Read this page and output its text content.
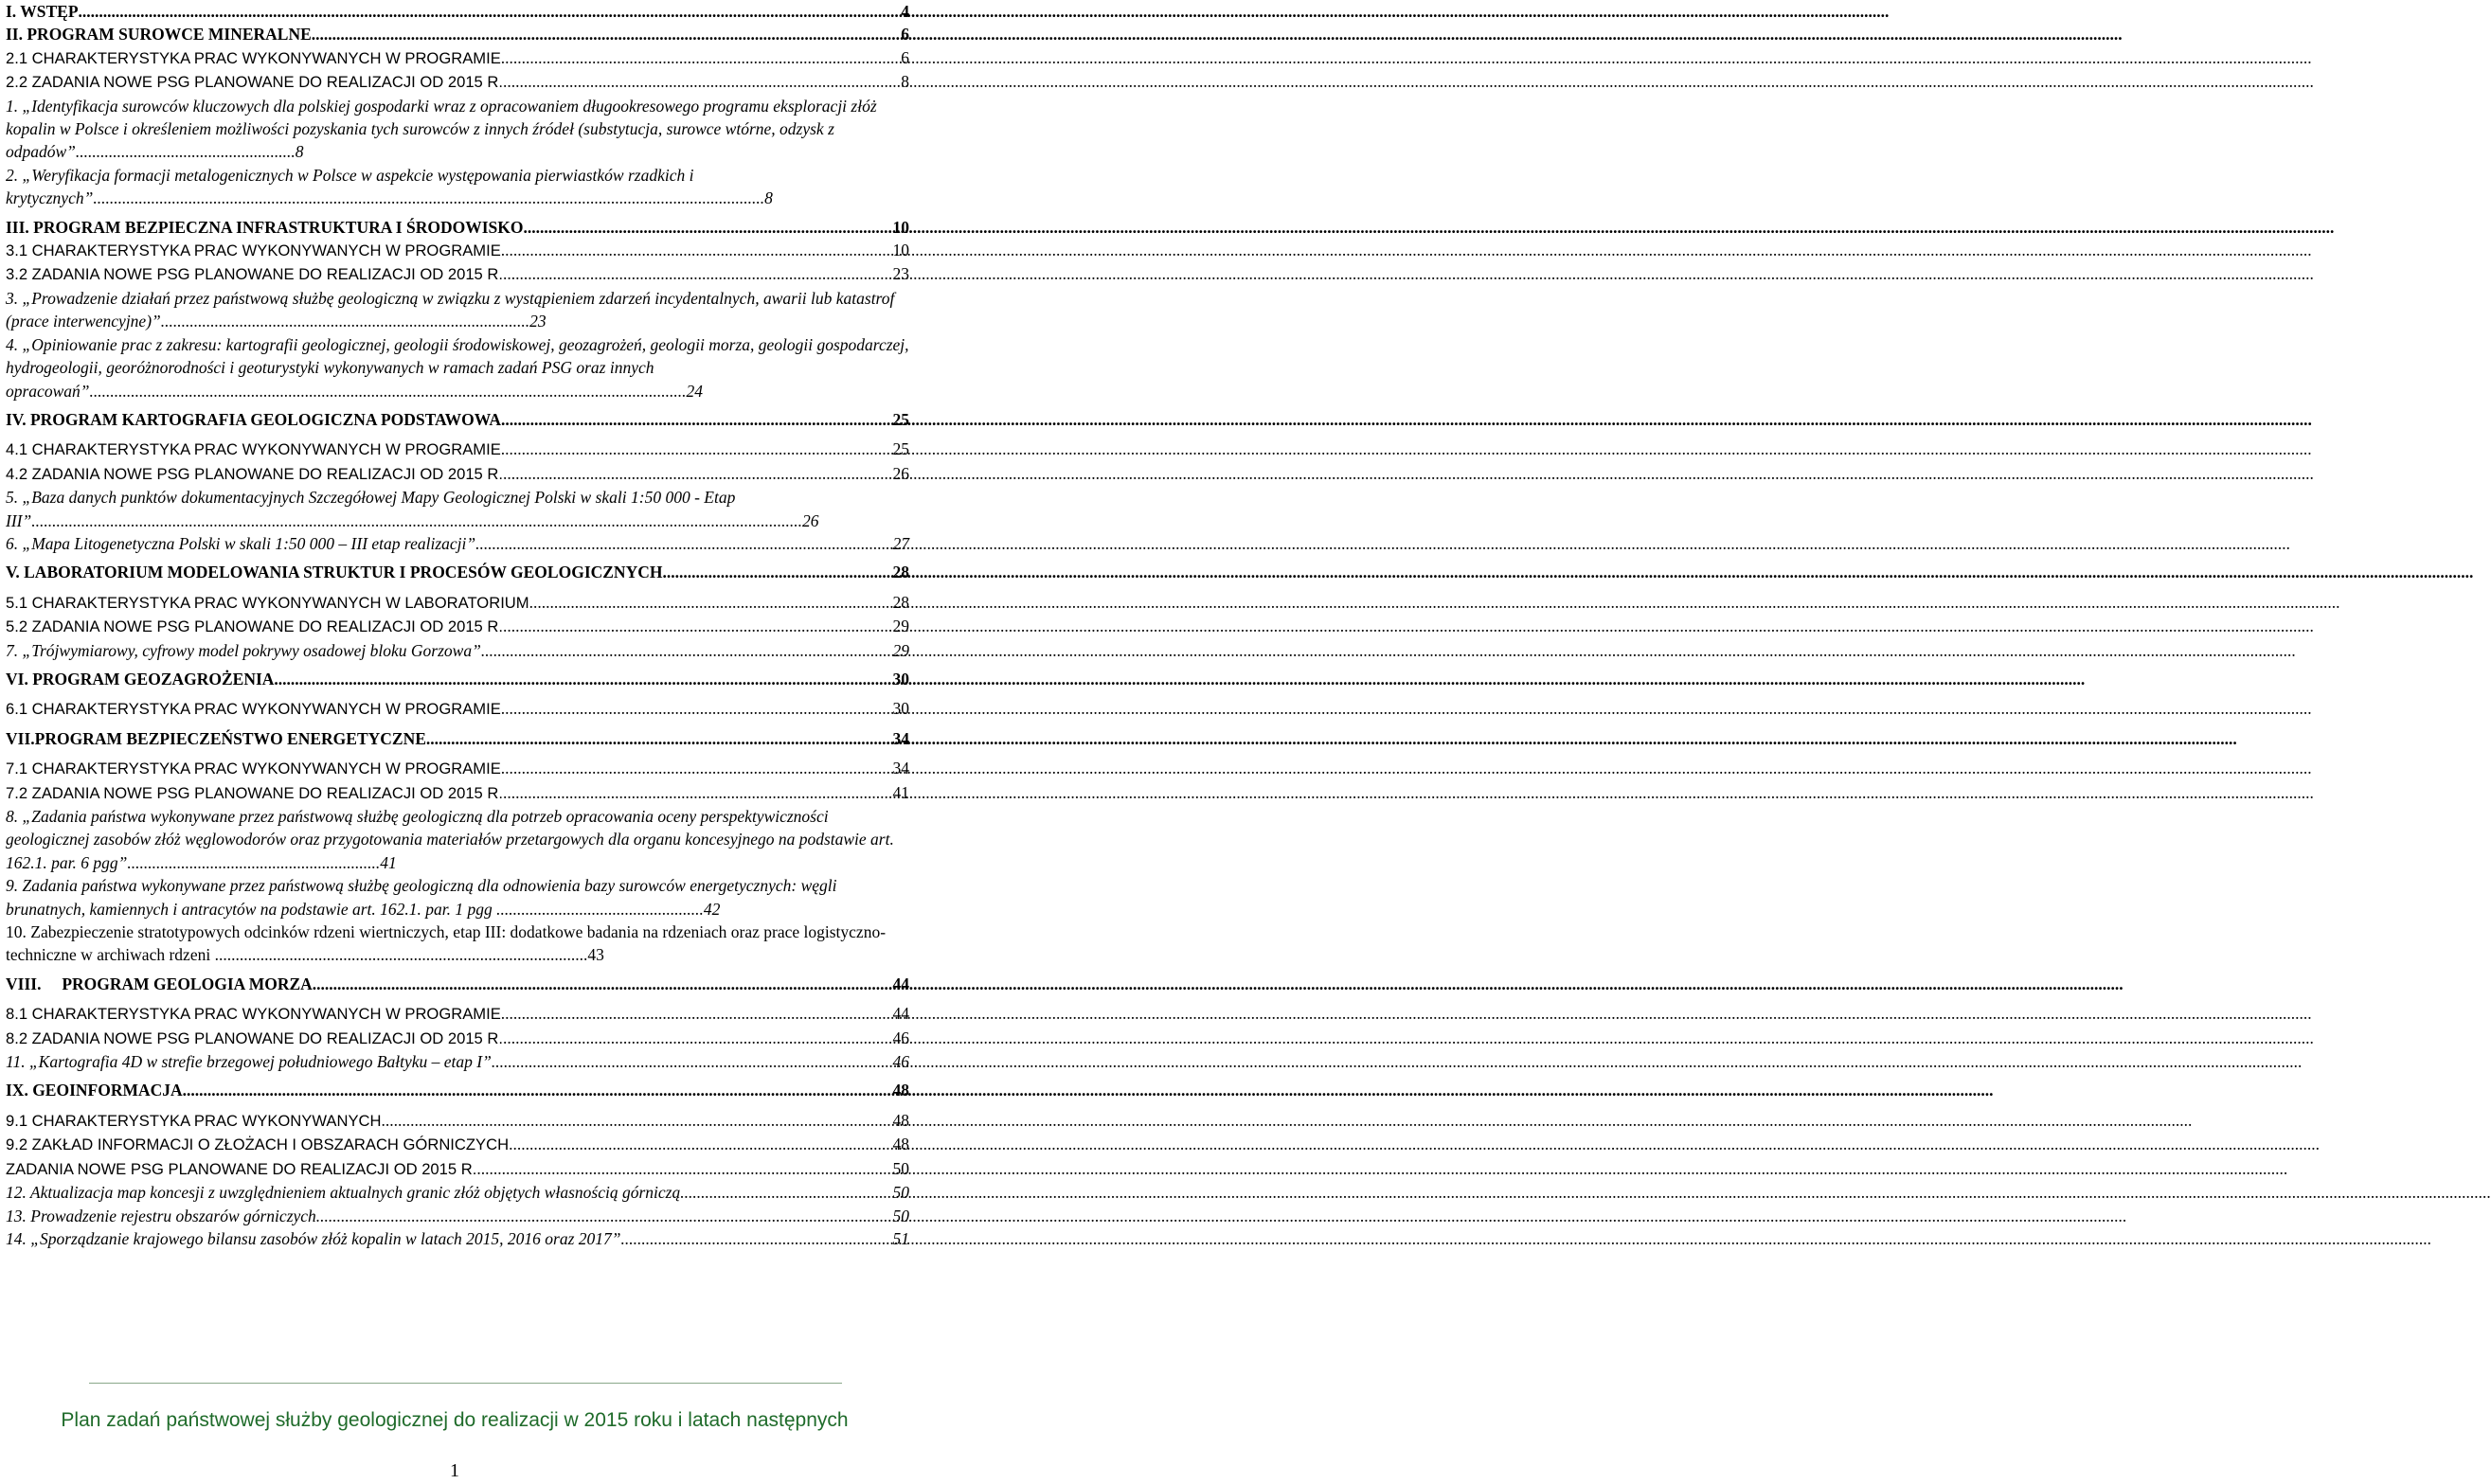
I. WSTĘP .....	4
II. PROGRAM SUROWCE MINERALNE .....	6
2.1 CHARAKTERYSTYKA PRAC WYKONYWANYCH W PROGRAMIE .....	6
2.2 ZADANIA NOWE PSG PLANOWANE DO REALIZACJI OD 2015 R. .....	8
1. „Identyfikacja surowców kluczowych dla polskiej gospodarki wraz z opracowaniem długookresowego programu eksploracji złóż kopalin w Polsce i określeniem możliwości pozyskania tych surowców z innych źródeł (substytucja, surowce wtórne, odzysk z odpadów”.....................................................8
2. „Weryfikacja formacji metalogenicznych w Polsce w aspekcie występowania pierwiastków rzadkich i krytycznych”..................................................................................................................................................................8
III. PROGRAM BEZPIECZNA INFRASTRUKTURA I ŚRODOWISKO .....	10
3.1 CHARAKTERYSTYKA PRAC WYKONYWANYCH W PROGRAMIE .....	10
3.2 ZADANIA NOWE PSG PLANOWANE DO REALIZACJI OD 2015 R. .....	23
3. „Prowadzenie działań przez państwową służbę geologiczną w związku z wystąpieniem zdarzeń incydentalnych, awarii lub katastrof (prace interwencyjne)”.........................................................................................23
4. „Opiniowanie prac z zakresu: kartografii geologicznej, geologii środowiskowej, geozagrożeń, geologii morza, geologii gospodarczej, hydrogeologii, georóżnorodności i geoturystyki wykonywanych w ramach zadań PSG oraz innych opracowań”................................................................................................................................................24
IV. PROGRAM KARTOGRAFIA GEOLOGICZNA PODSTAWOWA .....	25
4.1 CHARAKTERYSTYKA PRAC WYKONYWANYCH W PROGRAMIE .....	25
4.2 ZADANIA NOWE PSG PLANOWANE DO REALIZACJI OD 2015 R. .....	26
5. „Baza danych punktów dokumentacyjnych Szczegółowej Mapy Geologicznej Polski w skali 1:50 000 - Etap III”..........................................................................................................................................................................................26
6. „Mapa Litogenetyczna Polski w skali 1:50 000 – III etap realizacji”. .....	27
V. LABORATORIUM MODELOWANIA STRUKTUR I PROCESÓW GEOLOGICZNYCH .....	28
5.1 CHARAKTERYSTYKA PRAC WYKONYWANYCH W LABORATORIUM .....	28
5.2 ZADANIA NOWE PSG PLANOWANE DO REALIZACJI OD 2015 R. .....	29
7. „Trójwymiarowy, cyfrowy model pokrywy osadowej bloku Gorzowa”. .....	29
VI. PROGRAM GEOZAGROŻENIA .....	30
6.1 CHARAKTERYSTYKA PRAC WYKONYWANYCH W PROGRAMIE .....	30
VII.PROGRAM BEZPIECZEŃSTWO ENERGETYCZNE .....	34
7.1 CHARAKTERYSTYKA PRAC WYKONYWANYCH W PROGRAMIE .....	34
7.2 ZADANIA NOWE PSG PLANOWANE DO REALIZACJI OD 2015 R. .....	41
8. „Zadania państwa wykonywane przez państwową służbę geologiczną dla potrzeb opracowania oceny perspektywiczności geologicznej zasobów złóż węglowodorów oraz przygotowania materiałów przetargowych dla organu koncesyjnego na podstawie art. 162.1. par. 6 pgg”.............................................................41
9. Zadania państwa wykonywane przez państwową służbę geologiczną dla odnowienia bazy surowców energetycznych: węgli brunatnych, kamiennych i antracytów na podstawie art. 162.1. par. 1 pgg ..................................................42
10. Zabezpieczenie stratotypowych odcinków rdzeni wiertniczych, etap III: dodatkowe badania na rdzeniach oraz prace logistyczno-techniczne w archiwach rdzeni ..........................................................................................43
VIII.     PROGRAM GEOLOGIA MORZA .....	44
8.1 CHARAKTERYSTYKA PRAC WYKONYWANYCH W PROGRAMIE .....	44
8.2 ZADANIA NOWE PSG PLANOWANE DO REALIZACJI OD 2015 R. .....	46
11. „Kartografia 4D w strefie brzegowej południowego Bałtyku – etap I” .....	46
IX. GEOINFORMACJA .....	48
9.1 CHARAKTERYSTYKA PRAC WYKONYWANYCH .....	48
9.2 ZAKŁAD INFORMACJI O ZŁOŻACH I OBSZARACH GÓRNICZYCH .....	48
ZADANIA NOWE PSG PLANOWANE DO REALIZACJI OD 2015 R. .....	50
12. Aktualizacja map koncesji z uwzględnieniem aktualnych granic złóż objętych własnością górniczą .....	50
13. Prowadzenie rejestru obszarów górniczych .....	50
14. „Sporządzanie krajowego bilansu zasobów złóż kopalin w latach 2015, 2016 oraz 2017” .....	51
Plan zadań państwowej służby geologicznej do realizacji w 2015 roku i latach następnych
1
